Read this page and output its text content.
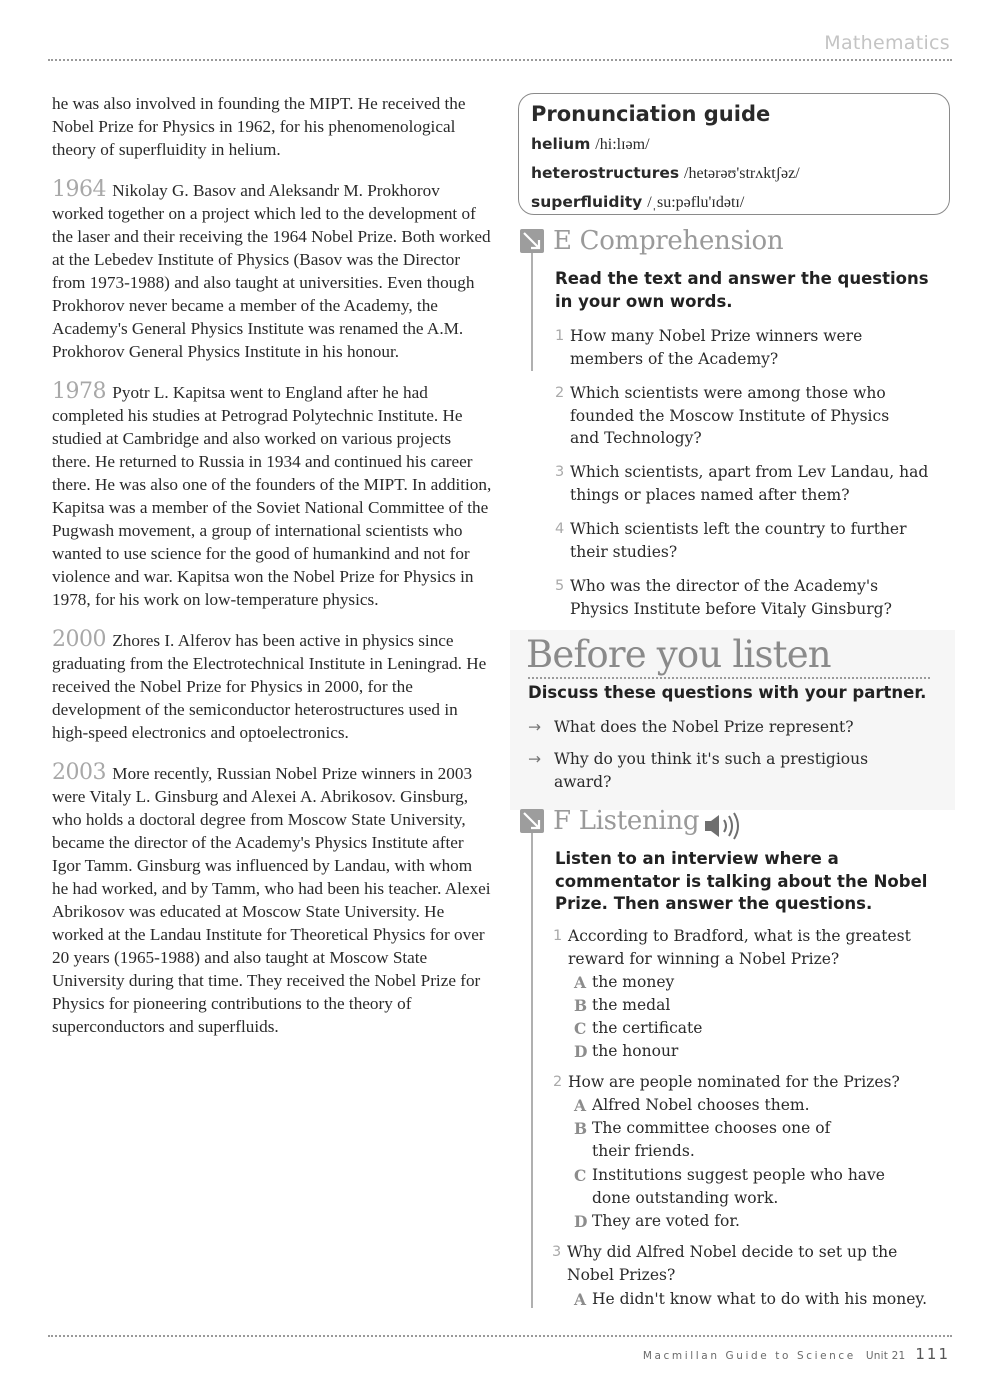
Mathematics

he was also involved in founding the MIPT. He received the Nobel Prize for Physics in 1962, for his phenomenological theory of superfluidity in helium.

1964 Nikolay G. Basov and Aleksandr M. Prokhorov worked together on a project which led to the development of the laser and their receiving the 1964 Nobel Prize. Both worked at the Lebedev Institute of Physics (Basov was the Director from 1973-1988) and also taught at universities. Even though Prokhorov never became a member of the Academy, the Academy's General Physics Institute was renamed the A.M. Prokhorov General Physics Institute in his honour.

1978 Pyotr L. Kapitsa went to England after he had completed his studies at Petrograd Polytechnic Institute. He studied at Cambridge and also worked on various projects there. He returned to Russia in 1934 and continued his career there. He was also one of the founders of the MIPT. In addition, Kapitsa was a member of the Soviet National Committee of the Pugwash movement, a group of international scientists who wanted to use science for the good of humankind and not for violence and war. Kapitsa won the Nobel Prize for Physics in 1978, for his work on low-temperature physics.

2000 Zhores I. Alferov has been active in physics since graduating from the Electrotechnical Institute in Leningrad. He received the Nobel Prize for Physics in 2000, for the development of the semiconductor heterostructures used in high-speed electronics and optoelectronics.

2003 More recently, Russian Nobel Prize winners in 2003 were Vitaly L. Ginsburg and Alexei A. Abrikosov. Ginsburg, who holds a doctoral degree from Moscow State University, became the director of the Academy's Physics Institute after Igor Tamm. Ginsburg was influenced by Landau, with whom he had worked, and by Tamm, who had been his teacher. Alexei Abrikosov was educated at Moscow State University. He worked at the Landau Institute for Theoretical Physics for over 20 years (1965-1988) and also taught at Moscow State University during that time. They received the Nobel Prize for Physics for pioneering contributions to the theory of superconductors and superfluids.

Pronunciation guide
helium /hi:lɪəm/
heterostructures /hetərəʊ'strʌktʃəz/
superfluidity /ˌsu:pəflu'ɪdətɪ/
E Comprehension
Read the text and answer the questions
in your own words.
1 How many Nobel Prize winners were
members of the Academy?
2 Which scientists were among those who
founded the Moscow Institute of Physics
and Technology?
3 Which scientists, apart from Lev Landau, had
things or places named after them?
4 Which scientists left the country to further
their studies?
5 Who was the director of the Academy's
Physics Institute before Vitaly Ginsburg?
Before you listen
Discuss these questions with your partner.
→ What does the Nobel Prize represent?
→ Why do you think it's such a prestigious
award?
F Listening
Listen to an interview where a
commentator is talking about the Nobel
Prize. Then answer the questions.
1 According to Bradford, what is the greatest
reward for winning a Nobel Prize?
A the money
B the medal
C the certificate
D the honour
2 How are people nominated for the Prizes?
A Alfred Nobel chooses them.
B The committee chooses one of
their friends.
C Institutions suggest people who have
done outstanding work.
D They are voted for.
3 Why did Alfred Nobel decide to set up the
Nobel Prizes?
A He didn't know what to do with his money.
Macmillan Guide to Science Unit 21 111
